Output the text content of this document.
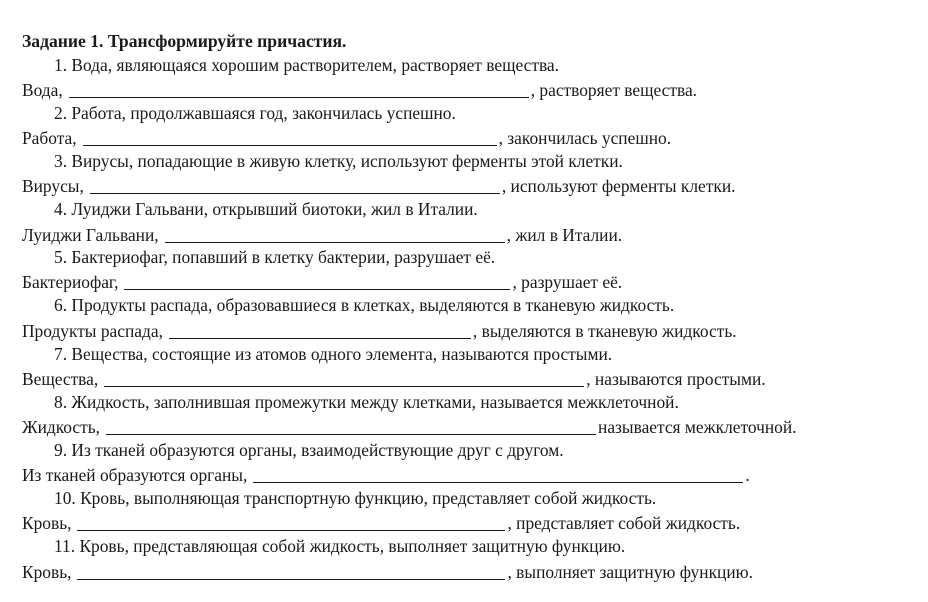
Задание 1. Трансформируйте причастия.
1. Вода, являющаяся хорошим растворителем, растворяет вещества.
Вода,	, растворяет вещества.
2. Работа, продолжавшаяся год, закончилась успешно.
Работа,	, закончилась успешно.
3. Вирусы, попадающие в живую клетку, используют ферменты этой клетки.
Вирусы,	, используют ферменты клетки.
4. Луиджи Гальвани, открывший биотоки, жил в Италии.
Луиджи Гальвани,	, жил в Италии.
5. Бактериофаг, попавший в клетку бактерии, разрушает её.
Бактериофаг,	, разрушает её.
6. Продукты распада, образовавшиеся в клетках, выделяются в тканевую жидкость.
Продукты распада,	, выделяются в тканевую жидкость.
7. Вещества, состоящие из атомов одного элемента, называются простыми.
Вещества,	, называются простыми.
8. Жидкость, заполнившая промежутки между клетками, называется межклеточной.
Жидкость,	называется межклеточной.
9. Из тканей образуются органы, взаимодействующие друг с другом.
Из тканей образуются органы,	.
10. Кровь, выполняющая транспортную функцию, представляет собой жидкость.
Кровь,	, представляет собой жидкость.
11. Кровь, представляющая собой жидкость, выполняет защитную функцию.
Кровь,	, выполняет защитную функцию.
